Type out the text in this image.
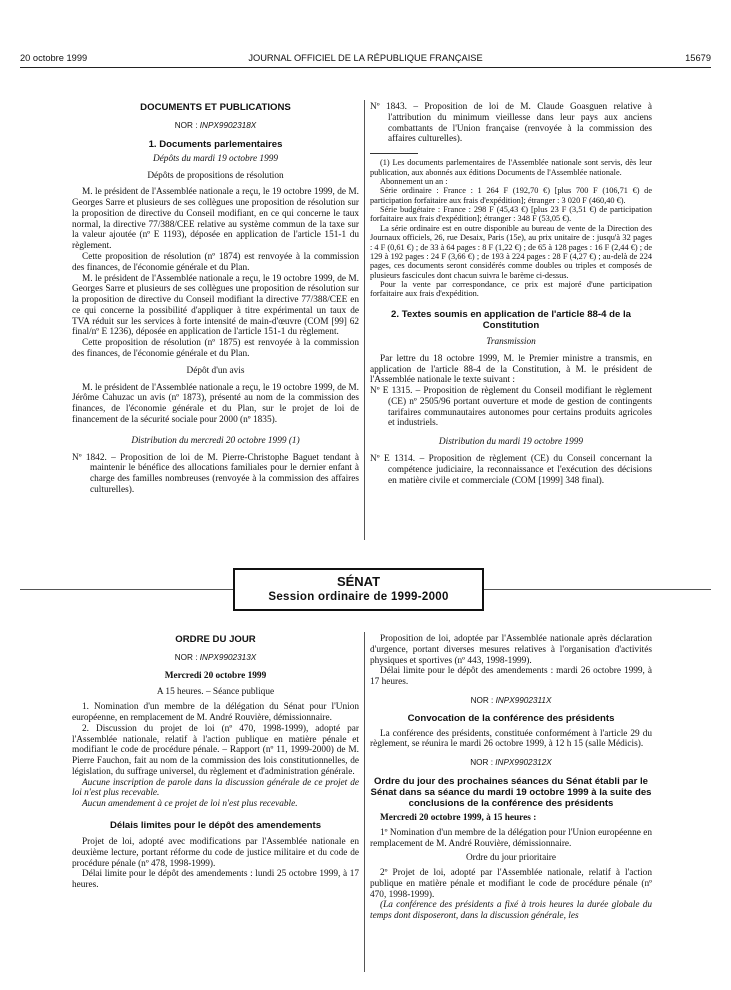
20 octobre 1999	JOURNAL OFFICIEL DE LA RÉPUBLIQUE FRANÇAISE	15679
DOCUMENTS ET PUBLICATIONS
NOR : INPX9902318X
1. Documents parlementaires

Dépôts du mardi 19 octobre 1999

Dépôts de propositions de résolution

M. le président de l'Assemblée nationale a reçu, le 19 octobre 1999, de M. Georges Sarre et plusieurs de ses collègues une proposition de résolution sur la proposition de directive du Conseil modifiant, en ce qui concerne le taux normal, la directive 77/388/CEE relative au système commun de la taxe sur la valeur ajoutée (nº E 1193), déposée en application de l'article 151-1 du règlement.

Cette proposition de résolution (nº 1874) est renvoyée à la commission des finances, de l'économie générale et du Plan.

M. le président de l'Assemblée nationale a reçu, le 19 octobre 1999, de M. Georges Sarre et plusieurs de ses collègues une proposition de résolution sur la proposition de directive du Conseil modifiant la directive 77/388/CEE en ce qui concerne la possibilité d'appliquer à titre expérimental un taux de TVA réduit sur les services à forte intensité de main-d'œuvre (COM [99] 62 final/nº E 1236), déposée en application de l'article 151-1 du règlement.

Cette proposition de résolution (nº 1875) est renvoyée à la commission des finances, de l'économie générale et du Plan.

Dépôt d'un avis

M. le président de l'Assemblée nationale a reçu, le 19 octobre 1999, de M. Jérôme Cahuzac un avis (nº 1873), présenté au nom de la commission des finances, de l'économie générale et du Plan, sur le projet de loi de financement de la sécurité sociale pour 2000 (nº 1835).

Distribution du mercredi 20 octobre 1999 (1)

Nº 1842. – Proposition de loi de M. Pierre-Christophe Baguet tendant à maintenir le bénéfice des allocations familiales pour le dernier enfant à charge des familles nombreuses (renvoyée à la commission des affaires culturelles).

Nº 1843. – Proposition de loi de M. Claude Goasguen relative à l'attribution du minimum vieillesse dans leur pays aux anciens combattants de l'Union française (renvoyée à la commission des affaires culturelles).

(1) Les documents parlementaires de l'Assemblée nationale sont servis, dès leur publication, aux abonnés aux éditions Documents de l'Assemblée nationale.

Abonnement un an :

Série ordinaire : France : 1 264 F (192,70 €) [plus 700 F (106,71 €) de participation forfaitaire aux frais d'expédition]; étranger : 3 020 F (460,40 €).

Série budgétaire : France : 298 F (45,43 €) [plus 23 F (3,51 €) de participation forfaitaire aux frais d'expédition]; étranger : 348 F (53,05 €).

La série ordinaire est en outre disponible au bureau de vente de la Direction des Journaux officiels, 26, rue Desaix, Paris (15e), au prix unitaire de : jusqu'à 32 pages : 4 F (0,61 €) ; de 33 à 64 pages : 8 F (1,22 €) ; de 65 à 128 pages : 16 F (2,44 €) ; de 129 à 192 pages : 24 F (3,66 €) ; de 193 à 224 pages : 28 F (4,27 €) ; au-delà de 224 pages, ces documents seront considérés comme doubles ou triples et composés de plusieurs fascicules dont chacun suivra le barème ci-dessus.

Pour la vente par correspondance, ce prix est majoré d'une participation forfaitaire aux frais d'expédition.

2. Textes soumis en application de l'article 88-4 de la Constitution

Transmission

Par lettre du 18 octobre 1999, M. le Premier ministre a transmis, en application de l'article 88-4 de la Constitution, à M. le président de l'Assemblée nationale le texte suivant :

Nº E 1315. – Proposition de règlement du Conseil modifiant le règlement (CE) nº 2505/96 portant ouverture et mode de gestion de contingents tarifaires communautaires autonomes pour certains produits agricoles et industriels.

Distribution du mardi 19 octobre 1999

Nº E 1314. – Proposition de règlement (CE) du Conseil concernant la compétence judiciaire, la reconnaissance et l'exécution des décisions en matière civile et commerciale (COM [1999] 348 final).

SÉNAT
Session ordinaire de 1999-2000
ORDRE DU JOUR
NOR : INPX9902313X

Mercredi 20 octobre 1999

A 15 heures. – Séance publique

1. Nomination d'un membre de la délégation du Sénat pour l'Union européenne, en remplacement de M. André Rouvière, démissionnaire.

2. Discussion du projet de loi (nº 470, 1998-1999), adopté par l'Assemblée nationale, relatif à l'action publique en matière pénale et modifiant le code de procédure pénale. – Rapport (nº 11, 1999-2000) de M. Pierre Fauchon, fait au nom de la commission des lois constitutionnelles, de législation, du suffrage universel, du règlement et d'administration générale.

Aucune inscription de parole dans la discussion générale de ce projet de loi n'est plus recevable.

Aucun amendement à ce projet de loi n'est plus recevable.

Délais limites pour le dépôt des amendements

Projet de loi, adopté avec modifications par l'Assemblée nationale en deuxième lecture, portant réforme du code de justice militaire et du code de procédure pénale (nº 478, 1998-1999).

Délai limite pour le dépôt des amendements : lundi 25 octobre 1999, à 17 heures.

Proposition de loi, adoptée par l'Assemblée nationale après déclaration d'urgence, portant diverses mesures relatives à l'organisation d'activités physiques et sportives (nº 443, 1998-1999).

Délai limite pour le dépôt des amendements : mardi 26 octobre 1999, à 17 heures.

NOR : INPX9902311X
Convocation de la conférence des présidents

La conférence des présidents, constituée conformément à l'article 29 du règlement, se réunira le mardi 26 octobre 1999, à 12 h 15 (salle Médicis).

NOR : INPX9902312X
Ordre du jour des prochaines séances du Sénat établi par le Sénat dans sa séance du mardi 19 octobre 1999 à la suite des conclusions de la conférence des présidents

Mercredi 20 octobre 1999, à 15 heures :

1º Nomination d'un membre de la délégation pour l'Union européenne en remplacement de M. André Rouvière, démissionnaire.

Ordre du jour prioritaire

2º Projet de loi, adopté par l'Assemblée nationale, relatif à l'action publique en matière pénale et modifiant le code de procédure pénale (nº 470, 1998-1999).

(La conférence des présidents a fixé à trois heures la durée globale du temps dont disposeront, dans la discussion générale, les
